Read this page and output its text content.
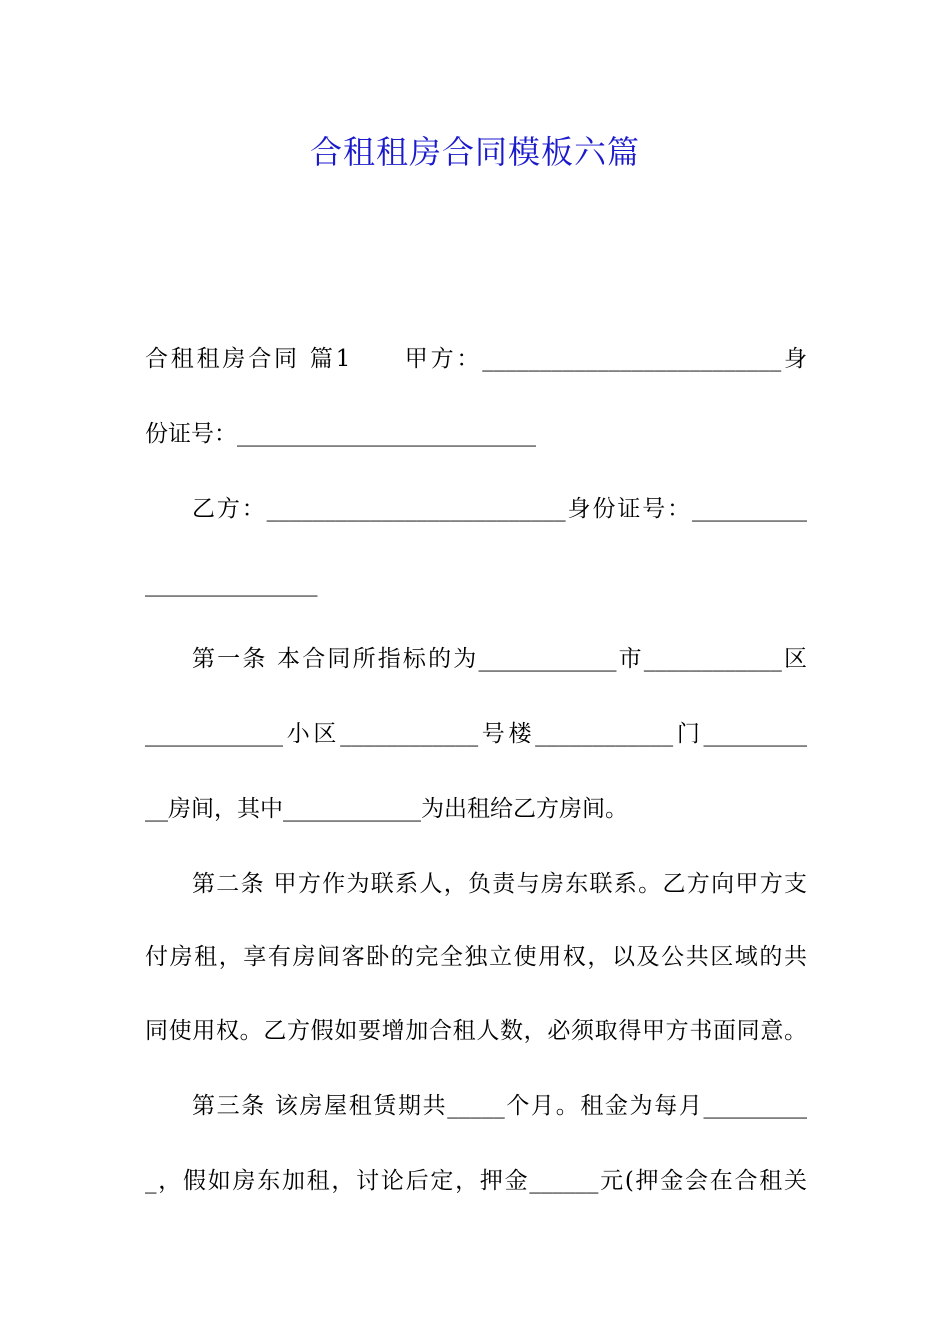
合租租房合同模板六篇
合租租房合同 篇1　　甲方：__________________________身
份证号：__________________________
乙方：__________________________身份证号：__________
_______________
第一条 本合同所指标的为____________市____________区
____________小区____________号楼____________门_________
__房间，其中____________为出租给乙方房间。
第二条 甲方作为联系人，负责与房东联系。乙方向甲方支
付房租，享有房间客卧的完全独立使用权，以及公共区域的共
同使用权。乙方假如要增加合租人数，必须取得甲方书面同意。
第三条 该房屋租赁期共_____个月。租金为每月_________
_，假如房东加租，讨论后定，押金______元(押金会在合租关
